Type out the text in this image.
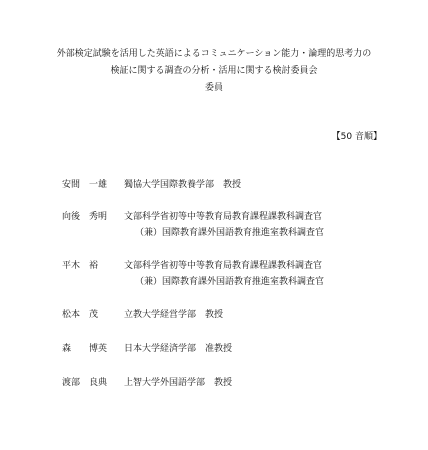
外部検定試験を活用した英語によるコミュニケーション能力・論理的思考力の
検証に関する調査の分析・活用に関する検討委員会
委員
【50 音順】
安間　一雄	獨協大学国際教養学部　教授
向後　秀明	文部科学省初等中等教育局教育課程課教科調査官
（兼）国際教育課外国語教育推進室教科調査官
平木　裕	文部科学省初等中等教育局教育課程課教科調査官
（兼）国際教育課外国語教育推進室教科調査官
松本　茂	立教大学経営学部　教授
森　　博英	日本大学経済学部　准教授
渡部　良典	上智大学外国語学部　教授
